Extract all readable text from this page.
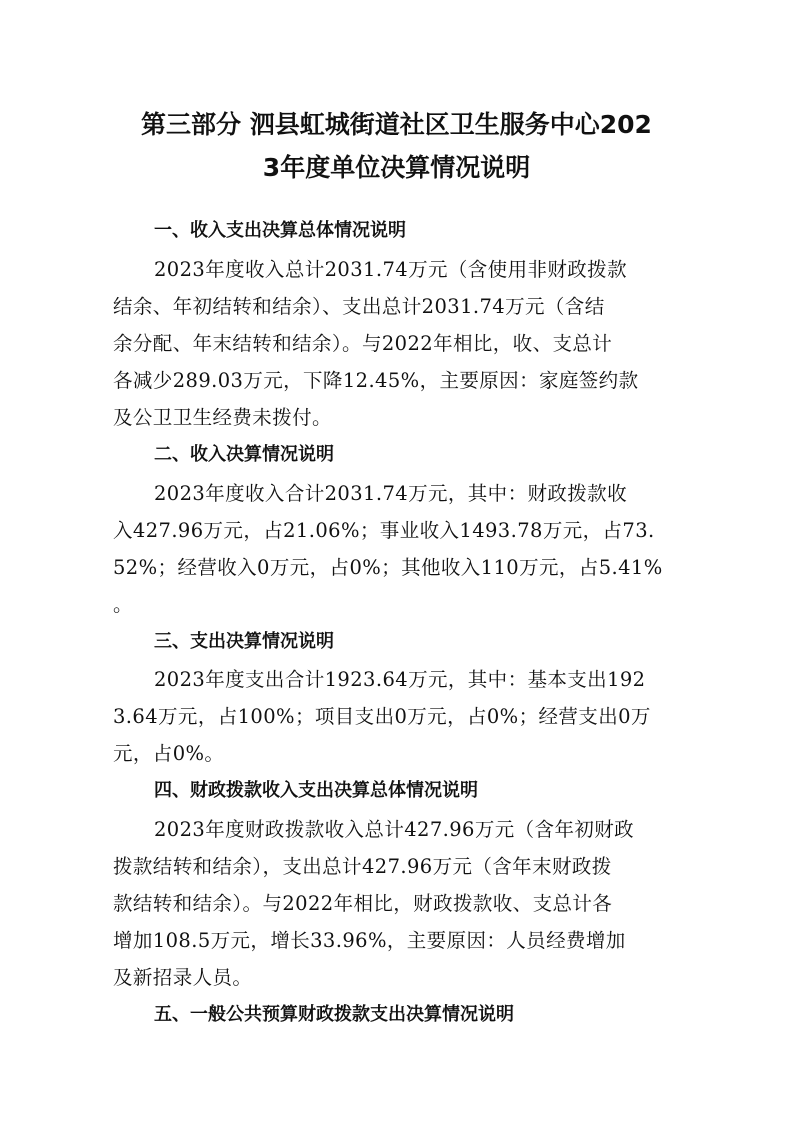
第三部分 泗县虹城街道社区卫生服务中心202
3年度单位决算情况说明

一、收入支出决算总体情况说明

2023年度收入总计2031.74万元（含使用非财政拨款

结余、年初结转和结余）、支出总计2031.74万元（含结

余分配、年末结转和结余）。与2022年相比，收、支总计

各减少289.03万元，下降12.45%，主要原因：家庭签约款

及公卫卫生经费未拨付。

二、收入决算情况说明

2023年度收入合计2031.74万元，其中：财政拨款收

入427.96万元，占21.06%；事业收入1493.78万元，占73.

52%；经营收入0万元，占0%；其他收入110万元，占5.41%

。

三、支出决算情况说明

2023年度支出合计1923.64万元，其中：基本支出192

3.64万元，占100%；项目支出0万元，占0%；经营支出0万

元，占0%。

四、财政拨款收入支出决算总体情况说明

2023年度财政拨款收入总计427.96万元（含年初财政

拨款结转和结余），支出总计427.96万元（含年末财政拨

款结转和结余）。与2022年相比，财政拨款收、支总计各

增加108.5万元，增长33.96%，主要原因：人员经费增加

及新招录人员。

五、一般公共预算财政拨款支出决算情况说明
